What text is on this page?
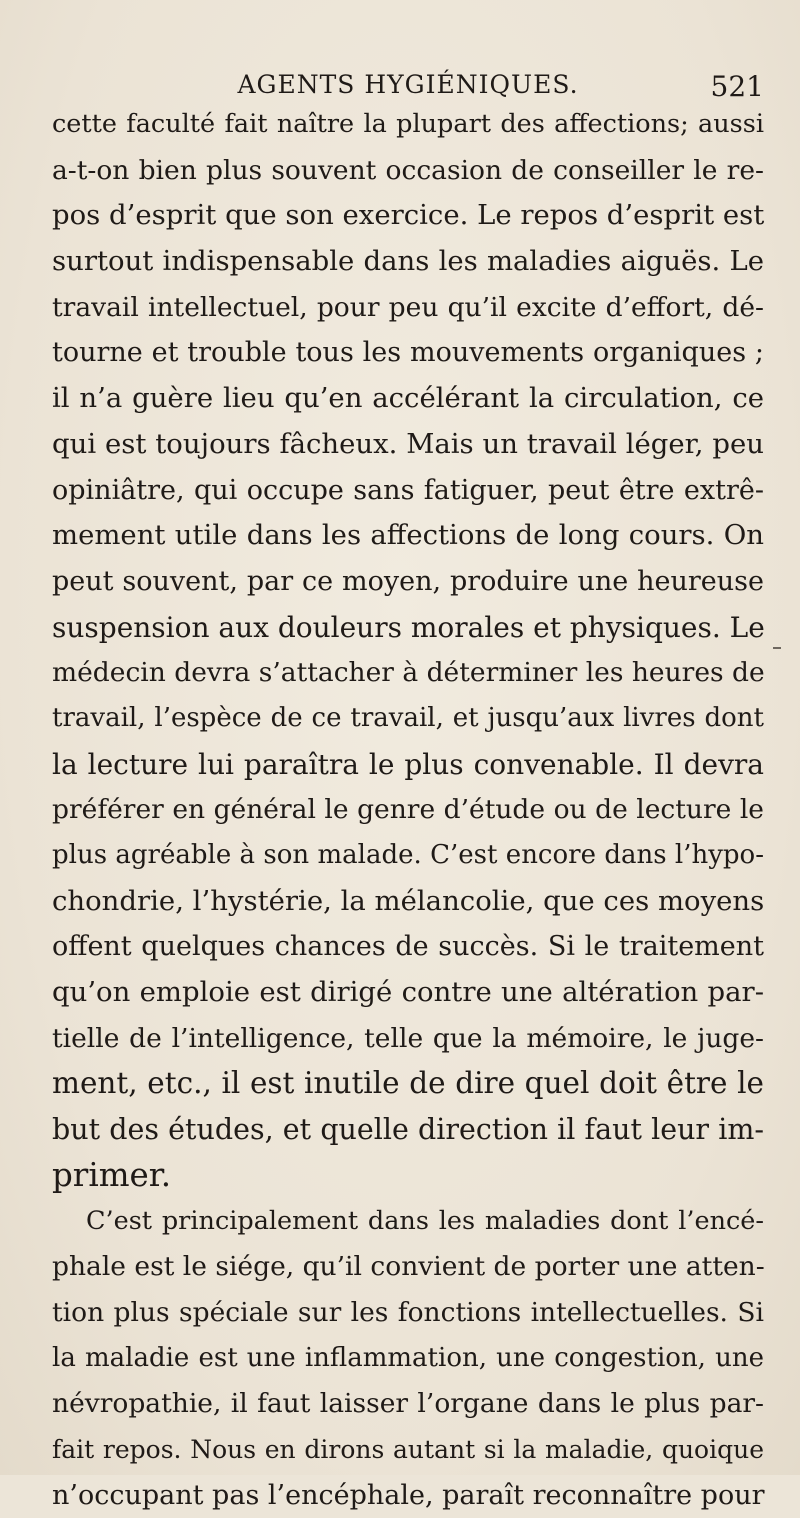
AGENTS HYGIÉNIQUES.	521
cette faculté fait naître la plupart des affections; aussi
a-t-on bien plus souvent occasion de conseiller le re-
pos d’esprit que son exercice. Le repos d’esprit est
surtout indispensable dans les maladies aiguës. Le
travail intellectuel, pour peu qu’il excite d’effort, dé-
tourne et trouble tous les mouvements organiques ;
il n’a guère lieu qu’en accélérant la circulation, ce
qui est toujours fâcheux. Mais un travail léger, peu
opiniâtre, qui occupe sans fatiguer, peut être extrê-
mement utile dans les affections de long cours. On
peut souvent, par ce moyen, produire une heureuse
suspension aux douleurs morales et physiques. Le
médecin devra s’attacher à déterminer les heures de
travail, l’espèce de ce travail, et jusqu’aux livres dont
la lecture lui paraîtra le plus convenable. Il devra
préférer en général le genre d’étude ou de lecture le
plus agréable à son malade. C’est encore dans l’hypo-
chondrie, l’hystérie, la mélancolie, que ces moyens
offent quelques chances de succès. Si le traitement
qu’on emploie est dirigé contre une altération par-
tielle de l’intelligence, telle que la mémoire, le juge-
ment, etc., il est inutile de dire quel doit être le
but des études, et quelle direction il faut leur im-
primer.
C’est principalement dans les maladies dont l’encé-
phale est le siége, qu’il convient de porter une atten-
tion plus spéciale sur les fonctions intellectuelles. Si
la maladie est une inflammation, une congestion, une
névropathie, il faut laisser l’organe dans le plus par-
fait repos. Nous en dirons autant si la maladie, quoique
n’occupant pas l’encéphale, paraît reconnaître pour
